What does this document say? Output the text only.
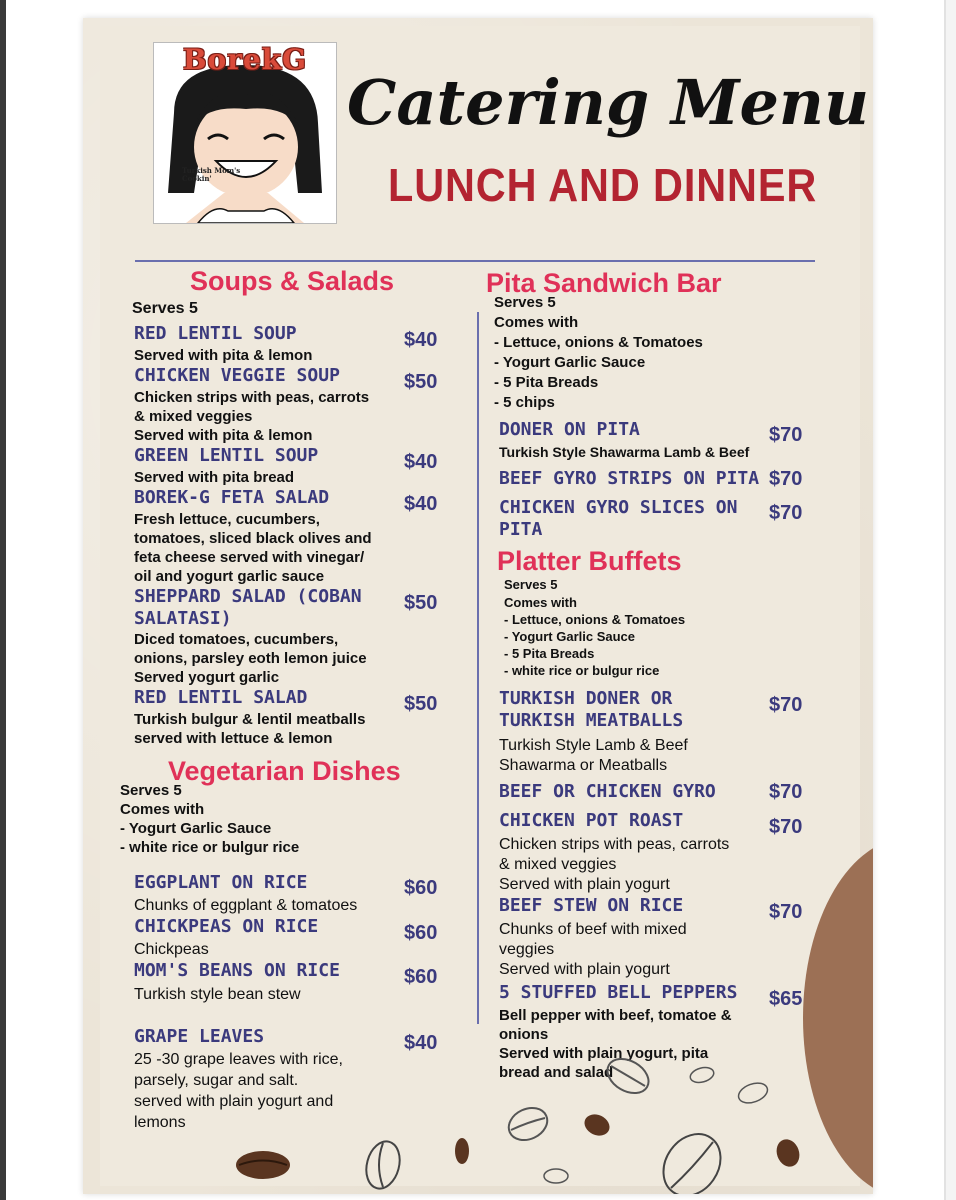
BorekG
Turkish Mom's
Cookin'
Catering Menu
LUNCH AND DINNER
Soups & Salads
Serves 5
RED LENTIL SOUP	$40
Served with pita & lemon
CHICKEN VEGGIE SOUP	$50
Chicken strips with peas, carrots
& mixed veggies
Served with pita & lemon
GREEN LENTIL SOUP	$40
Served with pita bread
BOREK-G FETA SALAD	$40
Fresh lettuce, cucumbers,
tomatoes, sliced black olives and
feta cheese served with vinegar/
oil and yogurt garlic sauce
SHEPPARD SALAD (COBAN
SALATASI)
$50
Diced tomatoes, cucumbers,
onions, parsley eoth lemon juice
Served yogurt garlic
RED LENTIL SALAD	$50
Turkish bulgur & lentil meatballs
served with lettuce & lemon
Vegetarian Dishes
Serves 5
Comes with
- Yogurt Garlic Sauce
- white rice or bulgur rice
EGGPLANT ON RICE	$60
Chunks of eggplant & tomatoes
CHICKPEAS ON RICE	$60
Chickpeas
MOM'S BEANS ON RICE	$60
Turkish style bean stew
GRAPE LEAVES	$40
25 -30 grape leaves with rice,
parsely, sugar and salt.
served with plain yogurt and
lemons
Pita Sandwich Bar
Serves 5
Comes with
- Lettuce, onions & Tomatoes
- Yogurt Garlic Sauce
- 5 Pita Breads
- 5 chips
DONER ON PITA	$70
Turkish Style Shawarma Lamb & Beef
BEEF GYRO STRIPS ON PITA $70
CHICKEN GYRO SLICES ON
PITA
$70
Platter Buffets
Serves 5
Comes with
- Lettuce, onions & Tomatoes
- Yogurt Garlic Sauce
- 5 Pita Breads
- white rice or bulgur rice
TURKISH DONER OR
TURKISH MEATBALLS
$70
Turkish Style Lamb & Beef
Shawarma or Meatballs
BEEF OR CHICKEN GYRO	$70
CHICKEN POT ROAST	$70
Chicken strips with peas, carrots
& mixed veggies
Served with plain yogurt
BEEF STEW ON RICE	$70
Chunks of beef with mixed
veggies
Served with plain yogurt
5 STUFFED BELL PEPPERS $65
Bell pepper with beef, tomatoe &
onions
Served with plain yogurt, pita
bread and salad
